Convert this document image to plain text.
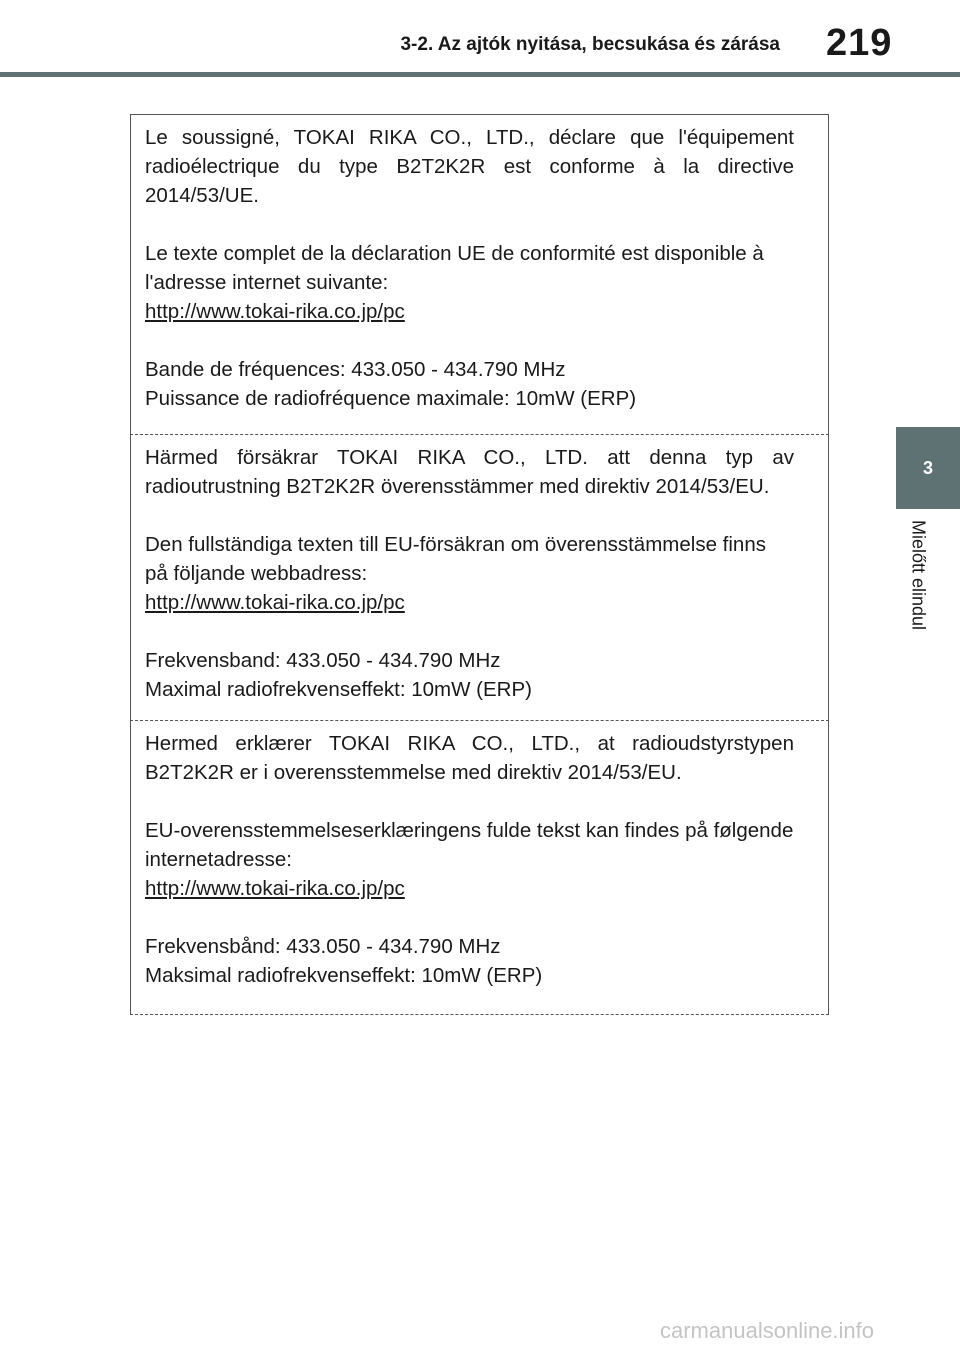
3-2. Az ajtók nyitása, becsukása és zárása 219
3
Mielőtt elindul

Le soussigné, TOKAI RIKA CO., LTD., déclare que l'équipement radioélectrique du type B2T2K2R est conforme à la directive 2014/53/UE.

Le texte complet de la déclaration UE de conformité est disponible à l'adresse internet suivante:
http://www.tokai-rika.co.jp/pc

Bande de fréquences: 433.050 - 434.790 MHz
Puissance de radiofréquence maximale: 10mW (ERP)

Härmed försäkrar TOKAI RIKA CO., LTD. att denna typ av radioutrustning B2T2K2R överensstämmer med direktiv 2014/53/EU.

Den fullständiga texten till EU-försäkran om överensstämmelse finns på följande webbadress:
http://www.tokai-rika.co.jp/pc

Frekvensband: 433.050 - 434.790 MHz
Maximal radiofrekvenseffekt: 10mW (ERP)

Hermed erklærer TOKAI RIKA CO., LTD., at radioudstyrstypen B2T2K2R er i overensstemmelse med direktiv 2014/53/EU.

EU-overensstemmelseserklæringens fulde tekst kan findes på følgende internetadresse:
http://www.tokai-rika.co.jp/pc

Frekvensbånd: 433.050 - 434.790 MHz
Maksimal radiofrekvenseffekt: 10mW (ERP)

carmanualsonline.info
